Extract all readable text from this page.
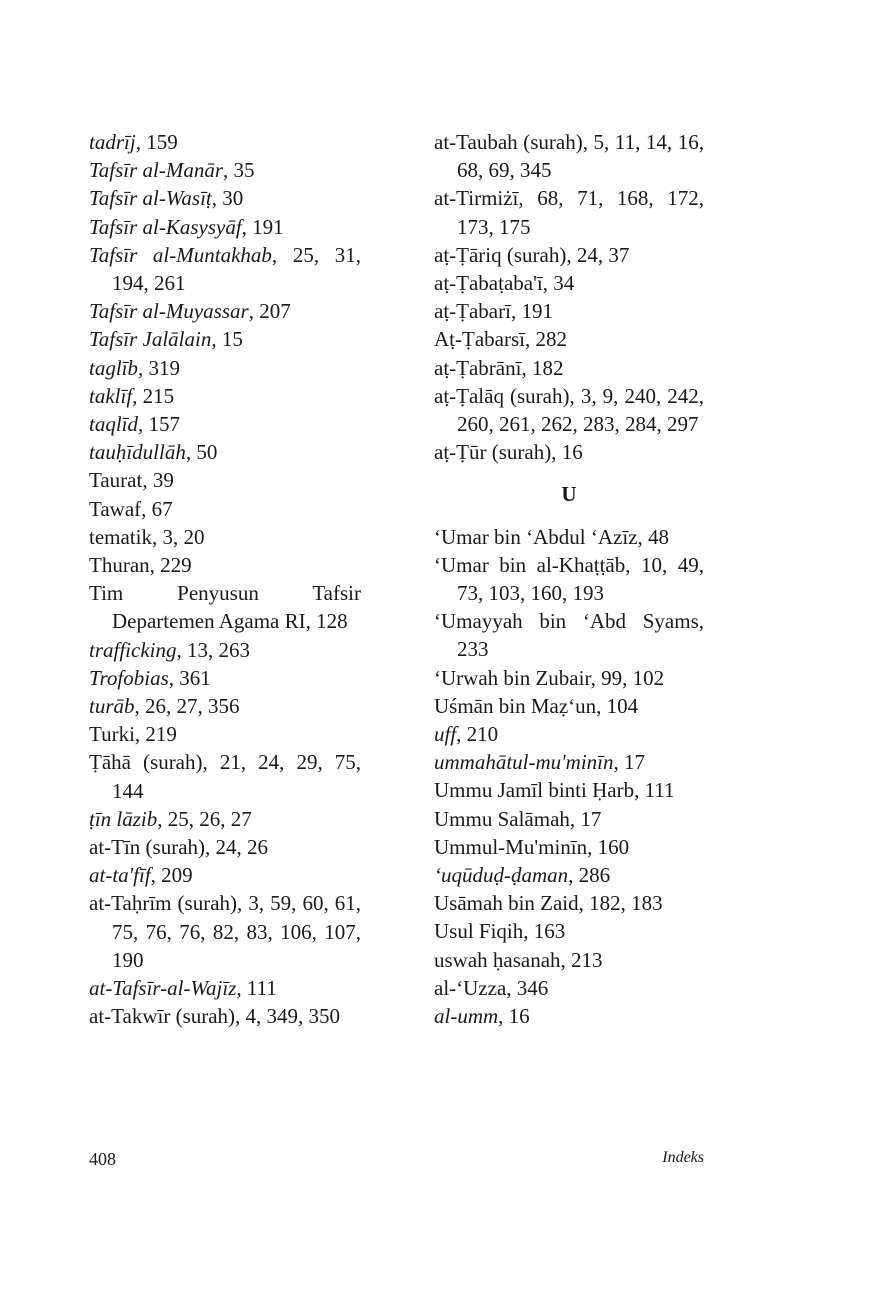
tadrīj, 159
Tafsīr al-Manār, 35
Tafsīr al-Wasīṭ, 30
Tafsīr al-Kasysyāf, 191
Tafsīr al-Muntakhab, 25, 31, 194, 261
Tafsīr al-Muyassar, 207
Tafsīr Jalālain, 15
taglīb, 319
taklīf, 215
taqlīd, 157
tauḥīdullāh, 50
Taurat, 39
Tawaf, 67
tematik, 3, 20
Thuran, 229
Tim Penyusun Tafsir Departemen Agama RI, 128
trafficking, 13, 263
Trofobias, 361
turāb, 26, 27, 356
Turki, 219
Ṭāhā (surah), 21, 24, 29, 75, 144
ṭīn lāzib, 25, 26, 27
at-Tīn (surah), 24, 26
at-ta'fīf, 209
at-Taḥrīm (surah), 3, 59, 60, 61, 75, 76, 76, 82, 83, 106, 107, 190
at-Tafsīr-al-Wajīz, 111
at-Takwīr (surah), 4, 349, 350
at-Taubah (surah), 5, 11, 14, 16, 68, 69, 345
at-Tirmiżī, 68, 71, 168, 172, 173, 175
aṭ-Ṭāriq (surah), 24, 37
aṭ-Ṭabaṭaba'ī, 34
aṭ-Ṭabarī, 191
Aṭ-Ṭabarsī, 282
aṭ-Ṭabrānī, 182
aṭ-Ṭalāq (surah), 3, 9, 240, 242, 260, 261, 262, 283, 284, 297
aṭ-Ṭūr (surah), 16
U
‘Umar bin ‘Abdul ‘Azīz, 48
‘Umar bin al-Khaṭṭāb, 10, 49, 73, 103, 160, 193
‘Umayyah bin ‘Abd Syams, 233
‘Urwah bin Zubair, 99, 102
Uśmān bin Maẓ‘un, 104
uff, 210
ummahātul-mu'minīn, 17
Ummu Jamīl binti Ḥarb, 111
Ummu Salāmah, 17
Ummul-Mu'minīn, 160
‘uqūduḍ-ḍaman, 286
Usāmah bin Zaid, 182, 183
Usul Fiqih, 163
uswah ḥasanah, 213
al-‘Uzza, 346
al-umm, 16
408	Indeks
